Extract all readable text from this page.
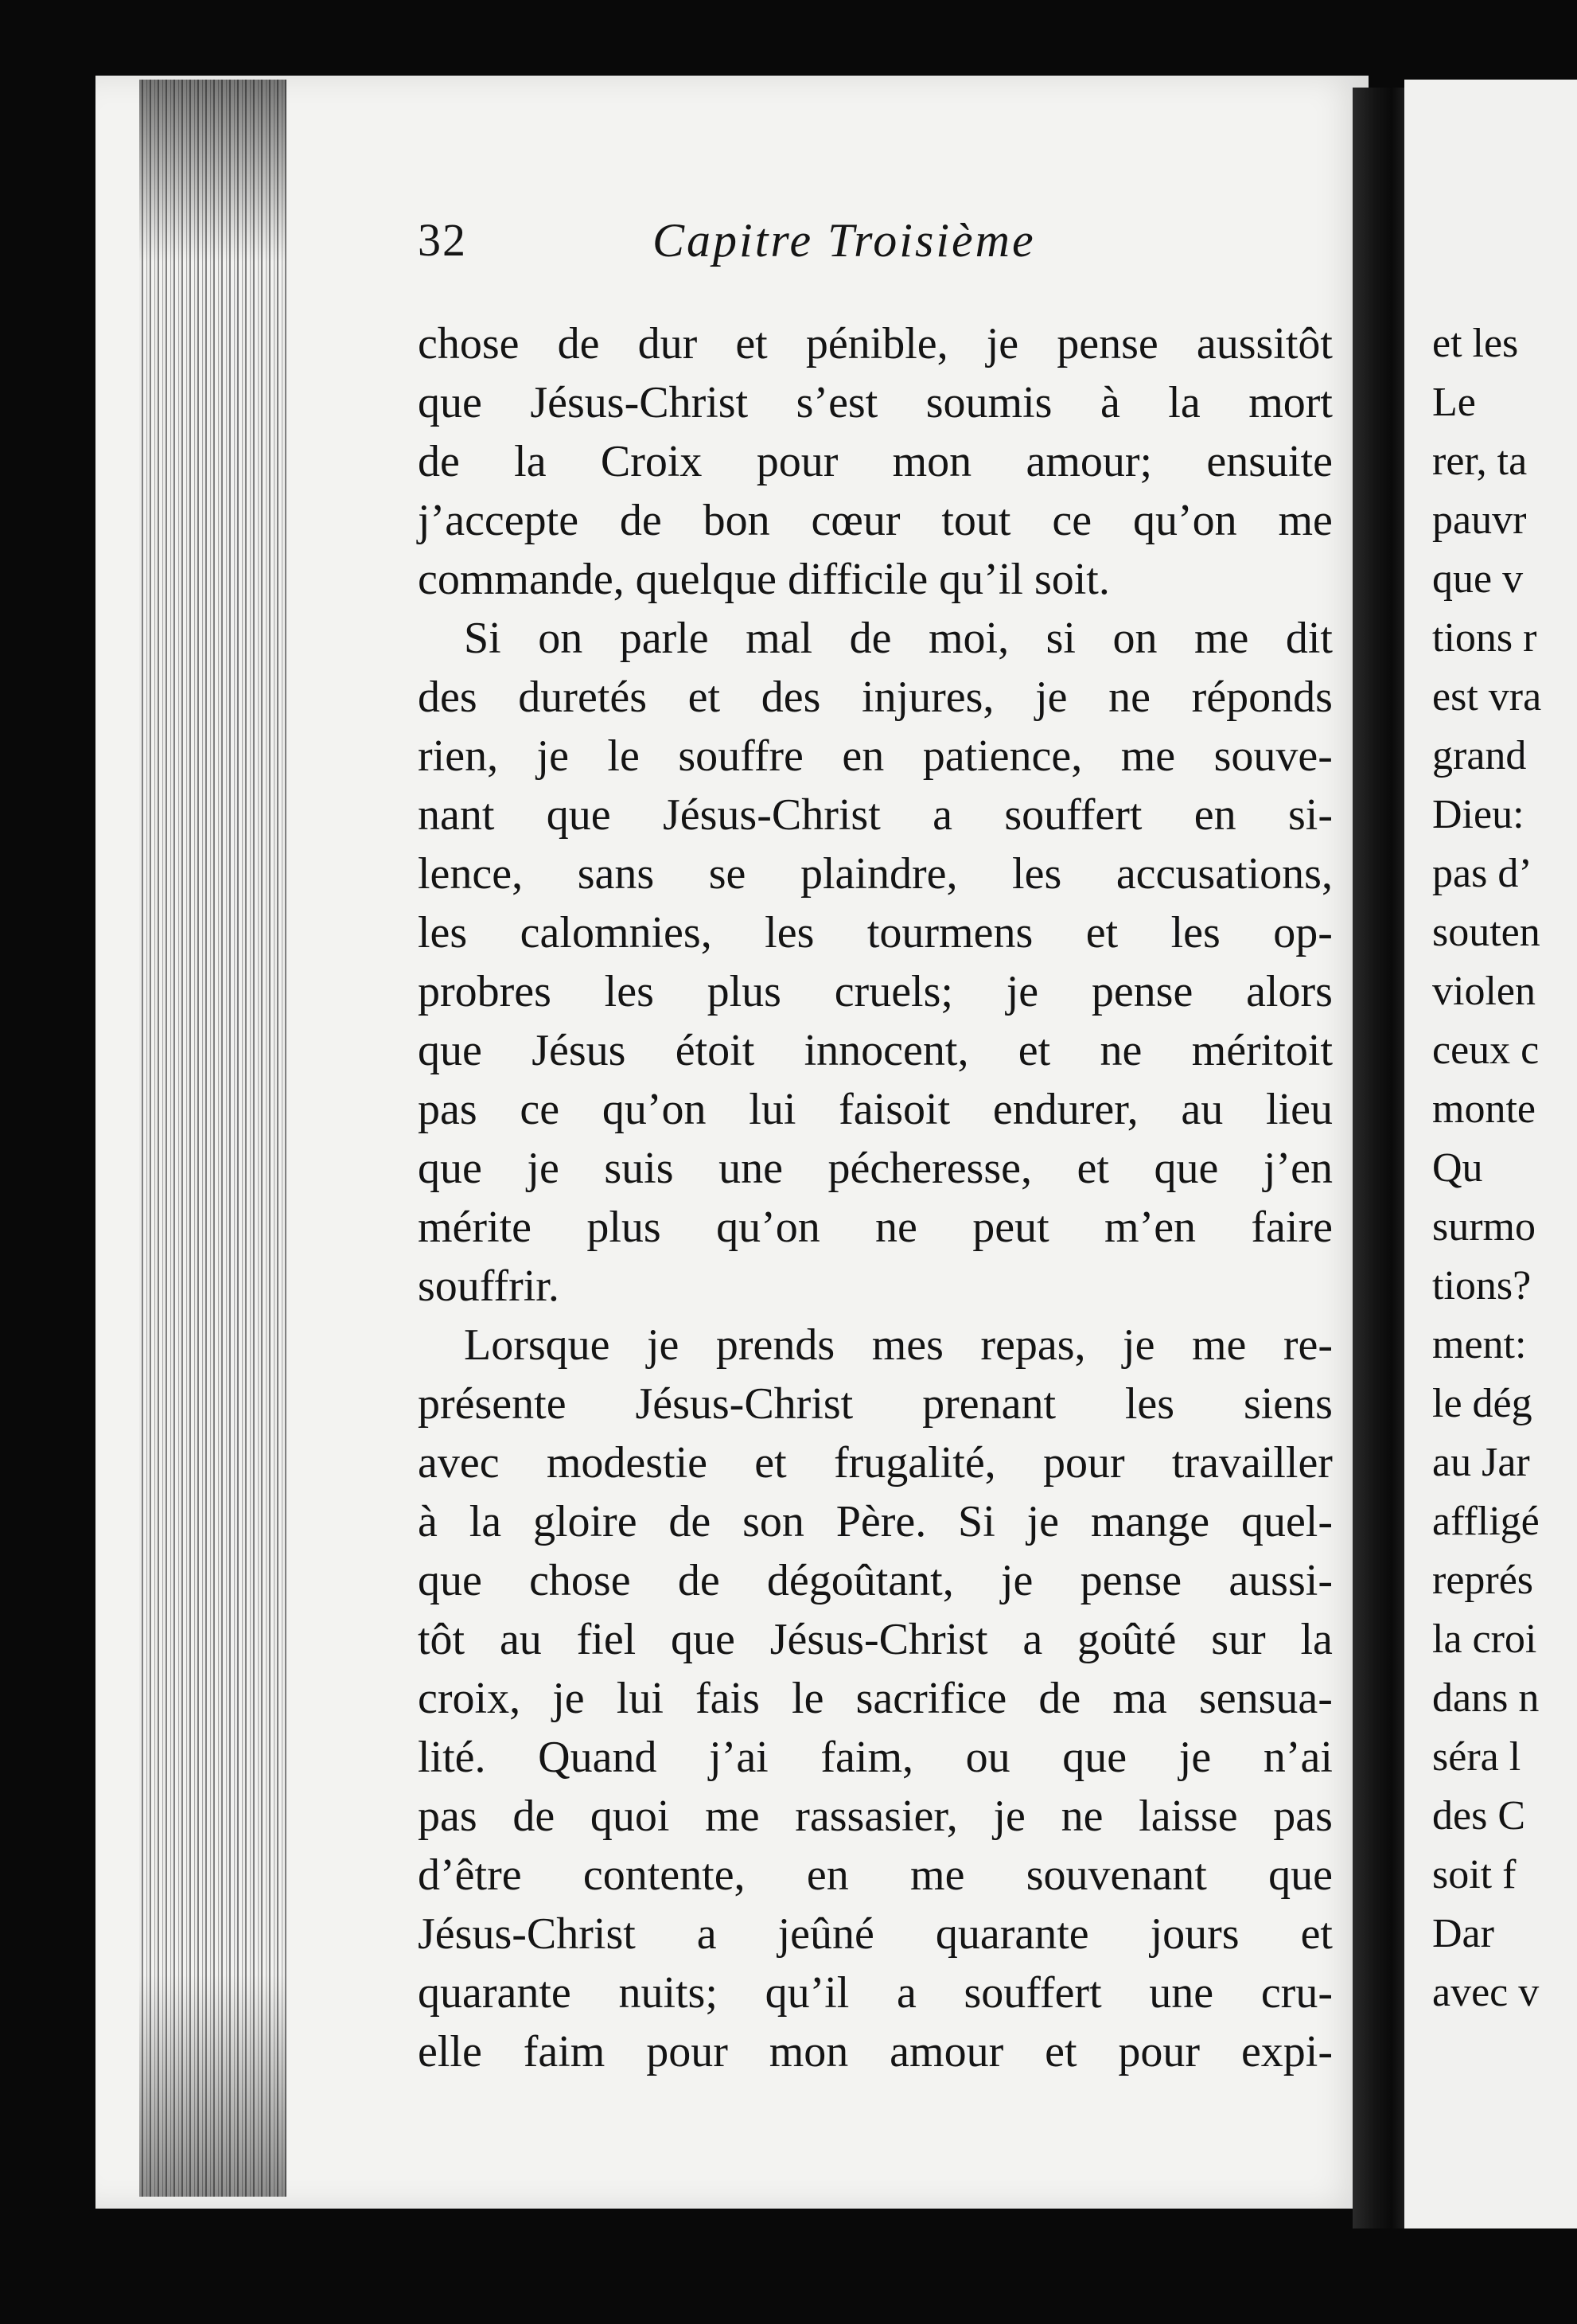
32	Capitre Troisième
chose de dur et pénible, je pense aussitôt
que Jésus-Christ s’est soumis à la mort
de la Croix pour mon amour; ensuite
j’accepte de bon cœur tout ce qu’on me
commande, quelque difficile qu’il soit.
Si on parle mal de moi, si on me dit
des duretés et des injures, je ne réponds
rien, je le souffre en patience, me souve-
nant que Jésus-Christ a souffert en si-
lence, sans se plaindre, les accusations,
les calomnies, les tourmens et les op-
probres les plus cruels; je pense alors
que Jésus étoit innocent, et ne méritoit
pas ce qu’on lui faisoit endurer, au lieu
que je suis une pécheresse, et que j’en
mérite plus qu’on ne peut m’en faire
souffrir.
Lorsque je prends mes repas, je me re-
présente Jésus-Christ prenant les siens
avec modestie et frugalité, pour travailler
à la gloire de son Père. Si je mange quel-
que chose de dégoûtant, je pense aussi-
tôt au fiel que Jésus-Christ a goûté sur la
croix, je lui fais le sacrifice de ma sensua-
lité. Quand j’ai faim, ou que je n’ai
pas de quoi me rassasier, je ne laisse pas
d’être contente, en me souvenant que
Jésus-Christ a jeûné quarante jours et
quarante nuits; qu’il a souffert une cru-
elle faim pour mon amour et pour expi-
et les
Le
rer, ta
pauvr
que v
tions r
est vra
grand
Dieu:
pas d’
souten
violen
ceux c
monte
Qu
surmo
tions?
ment:
le dég
au Jar
affligé
représ
la croi
dans n
séra l
des C
soit f
Dar
avec v
